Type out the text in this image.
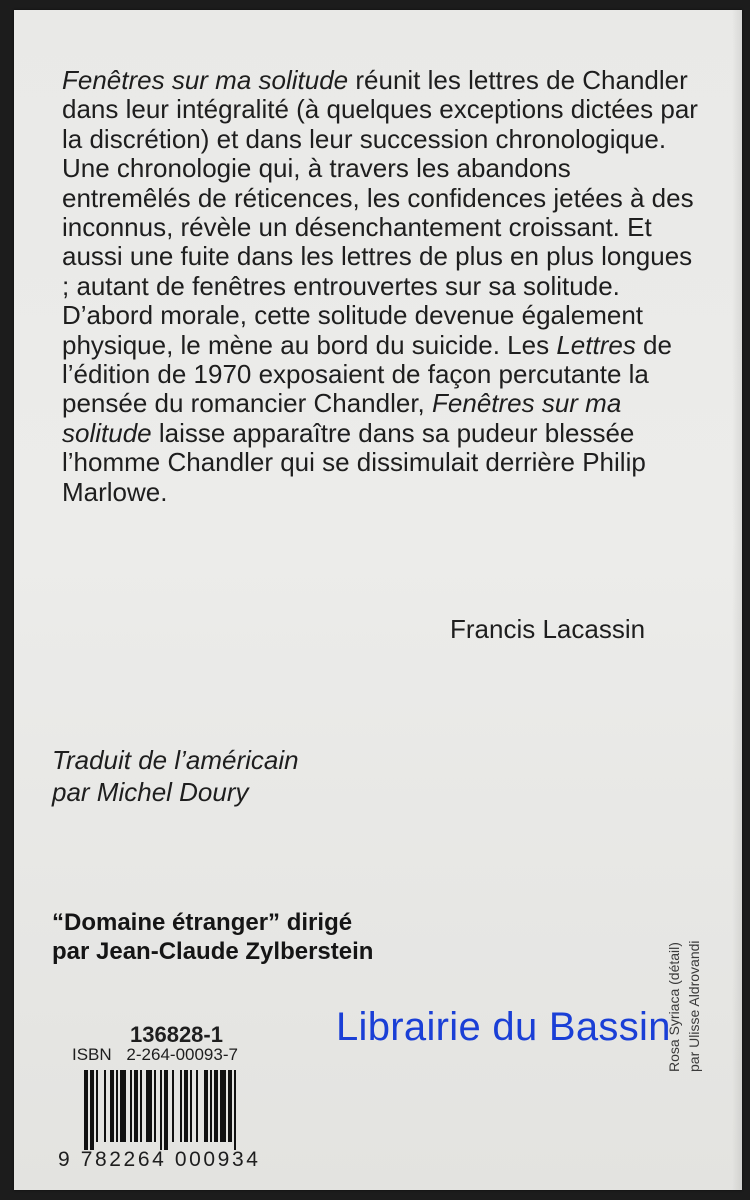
Fenêtres sur ma solitude réunit les lettres de Chandler dans leur intégralité (à quelques exceptions dictées par la discrétion) et dans leur succession chronologique. Une chronologie qui, à travers les abandons entremêlés de réticences, les confidences jetées à des inconnus, révèle un désenchantement croissant. Et aussi une fuite dans les lettres de plus en plus longues ; autant de fenêtres entrouvertes sur sa solitude. D’abord morale, cette solitude devenue également physique, le mène au bord du suicide. Les Lettres de l’édition de 1970 exposaient de façon percutante la pensée du romancier Chandler, Fenêtres sur ma solitude laisse apparaître dans sa pudeur blessée l’homme Chandler qui se dissimulait derrière Philip Marlowe.

Francis Lacassin
Traduit de l’américain
par Michel Doury
“Domaine étranger” dirigé
par Jean-Claude Zylberstein	Rosa Syriaca (détail) par Ulisse Aldrovandi
136828-1
ISBN 2-264-00093-7
9 782264 000934
Librairie du Bassin
